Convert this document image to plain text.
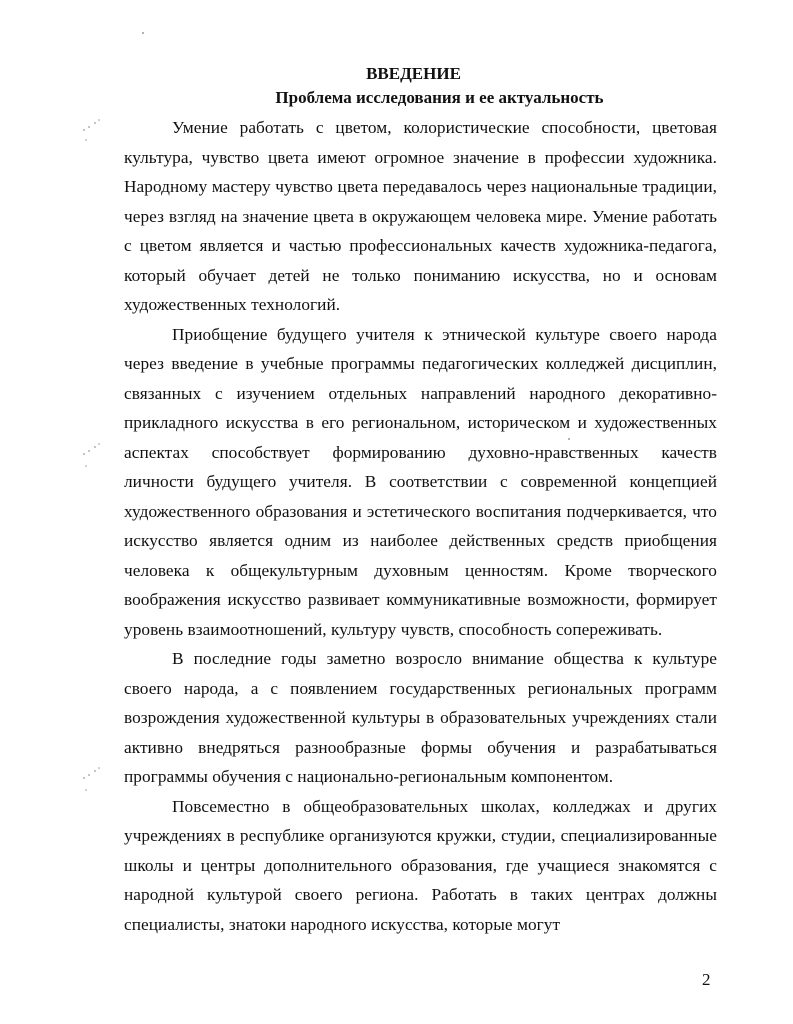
ВВЕДЕНИЕ
Проблема исследования и ее актуальность

Умение работать с цветом, колористические способности, цветовая культура, чувство цвета имеют огромное значение в профессии художника. Народному мастеру чувство цвета передавалось через национальные традиции, через взгляд на значение цвета в окружающем человека мире. Умение работать с цветом является и частью профессиональных качеств художника-педагога, который обучает детей не только пониманию искусства, но и основам художественных технологий.

Приобщение будущего учителя к этнической культуре своего народа через введение в учебные программы педагогических колледжей дисциплин, связанных с изучением отдельных направлений народного декоративно-прикладного искусства в его региональном, историческом и художественных аспектах способствует формированию духовно-нравственных качеств личности будущего учителя. В соответствии с современной концепцией художественного образования и эстетического воспитания подчеркивается, что искусство является одним из наиболее действенных средств приобщения человека к общекультурным духовным ценностям. Кроме творческого воображения искусство развивает коммуникативные возможности, формирует уровень взаимоотношений, культуру чувств, способность сопереживать.

В последние годы заметно возросло внимание общества к культуре своего народа, а с появлением государственных региональных программ возрождения художественной культуры в образовательных учреждениях стали активно внедряться разнообразные формы обучения и разрабатываться программы обучения с национально-региональным компонентом.

Повсеместно в общеобразовательных школах, колледжах и других учреждениях в республике организуются кружки, студии, специализированные школы и центры дополнительного образования, где учащиеся знакомятся с народной культурой своего региона. Работать в таких центрах должны специалисты, знатоки народного искусства, которые могут

2
